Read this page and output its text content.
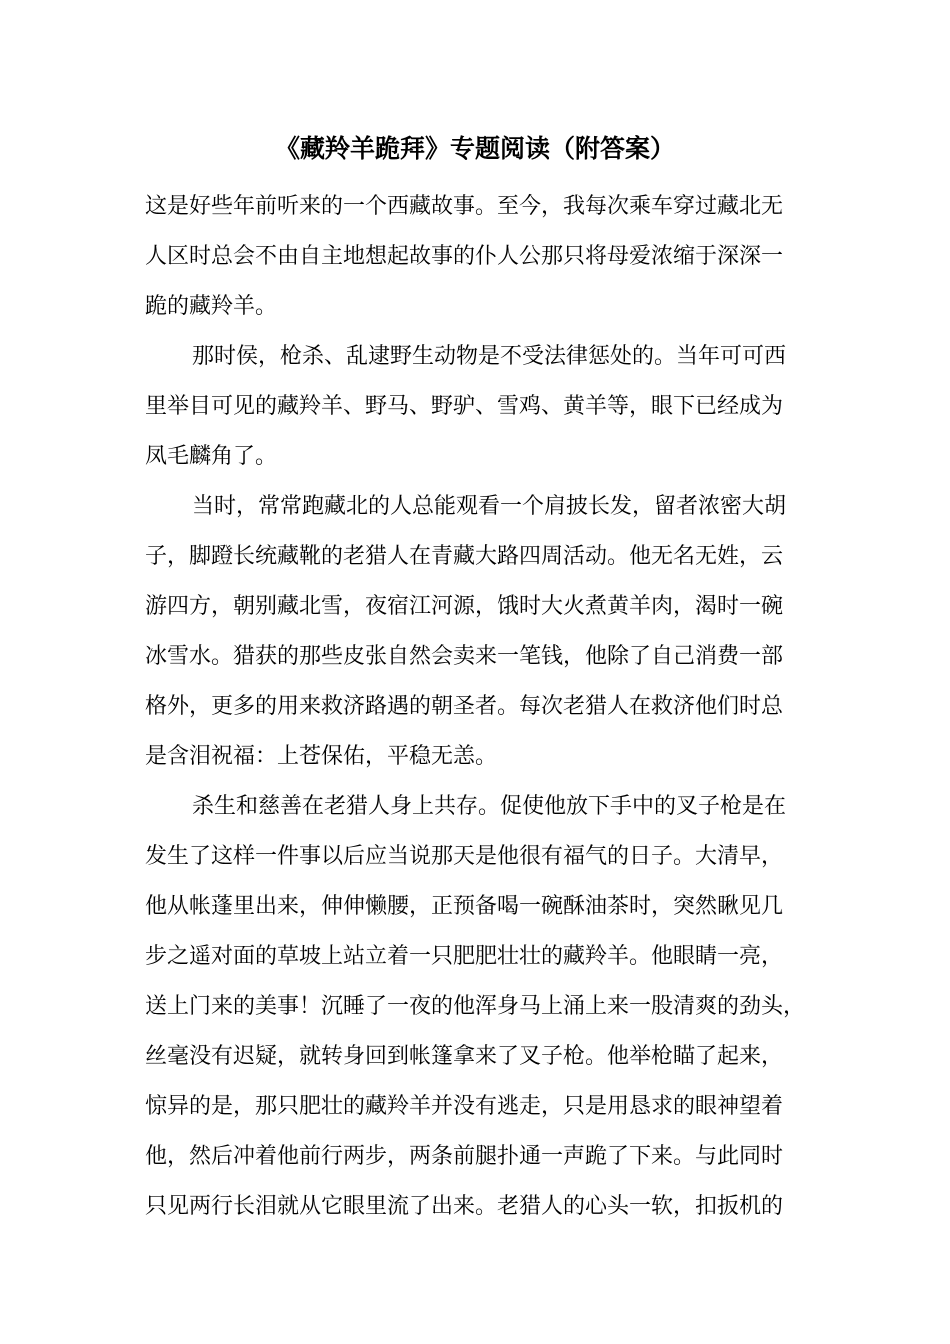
《藏羚羊跪拜》专题阅读（附答案）
这是好些年前听来的一个西藏故事。至今，我每次乘车穿过藏北无
人区时总会不由自主地想起故事的仆人公那只将母爱浓缩于深深一
跪的藏羚羊。
那时侯，枪杀、乱逮野生动物是不受法律惩处的。当年可可西
里举目可见的藏羚羊、野马、野驴、雪鸡、黄羊等，眼下已经成为
凤毛麟角了。
当时，常常跑藏北的人总能观看一个肩披长发，留者浓密大胡
子，脚蹬长统藏靴的老猎人在青藏大路四周活动。他无名无姓，云
游四方，朝别藏北雪，夜宿江河源，饿时大火煮黄羊肉，渴时一碗
冰雪水。猎获的那些皮张自然会卖来一笔钱，他除了自己消费一部
格外，更多的用来救济路遇的朝圣者。每次老猎人在救济他们时总
是含泪祝福：上苍保佑，平稳无恙。
杀生和慈善在老猎人身上共存。促使他放下手中的叉子枪是在
发生了这样一件事以后应当说那天是他很有福气的日子。大清早，
他从帐蓬里出来，伸伸懒腰，正预备喝一碗酥油茶时，突然瞅见几
步之遥对面的草坡上站立着一只肥肥壮壮的藏羚羊。他眼睛一亮，
送上门来的美事！沉睡了一夜的他浑身马上涌上来一股清爽的劲头，
丝毫没有迟疑，就转身回到帐篷拿来了叉子枪。他举枪瞄了起来，
惊异的是，那只肥壮的藏羚羊并没有逃走，只是用恳求的眼神望着
他，然后冲着他前行两步，两条前腿扑通一声跪了下来。与此同时
只见两行长泪就从它眼里流了出来。老猎人的心头一软，扣扳机的
